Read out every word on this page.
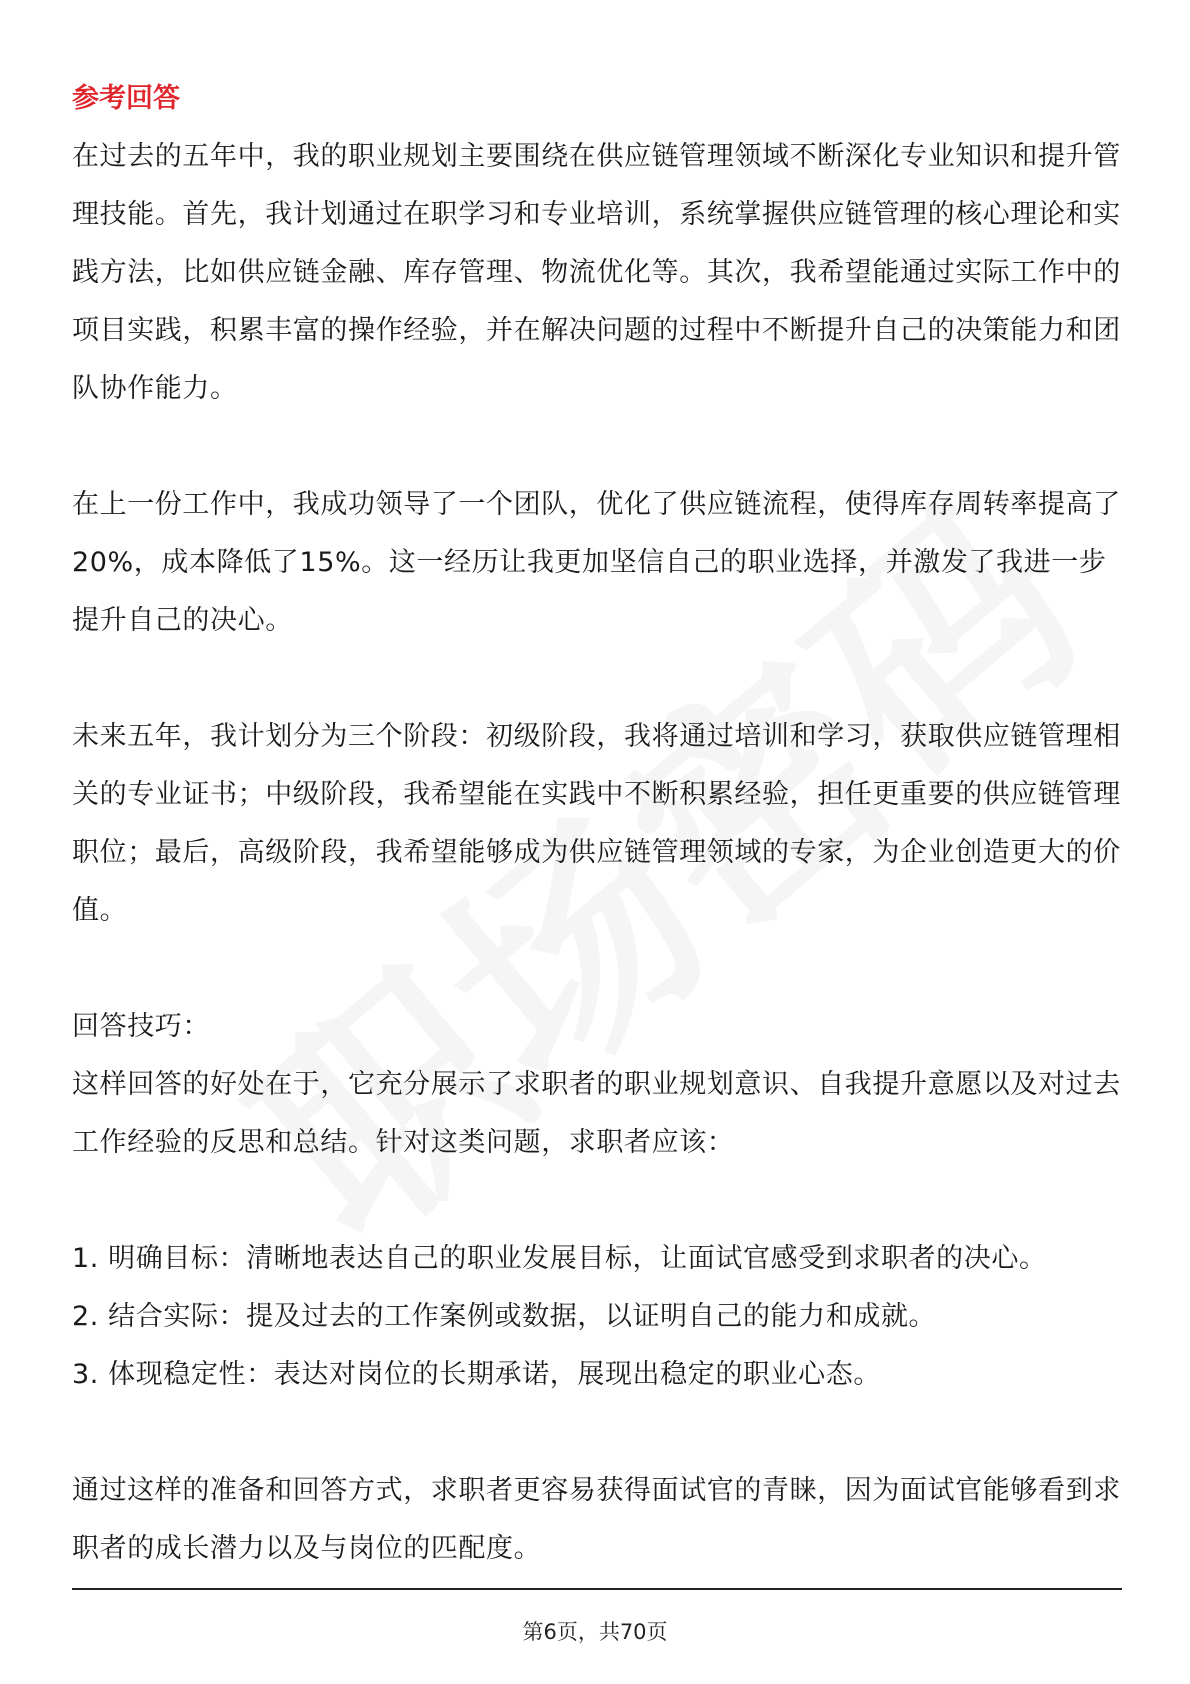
参考回答

在过去的五年中，我的职业规划主要围绕在供应链管理领域不断深化专业知识和提升管理技能。首先，我计划通过在职学习和专业培训，系统掌握供应链管理的核心理论和实践方法，比如供应链金融、库存管理、物流优化等。其次，我希望能通过实际工作中的项目实践，积累丰富的操作经验，并在解决问题的过程中不断提升自己的决策能力和团队协作能力。

在上一份工作中，我成功领导了一个团队，优化了供应链流程，使得库存周转率提高了20%，成本降低了15%。这一经历让我更加坚信自己的职业选择，并激发了我进一步提升自己的决心。

未来五年，我计划分为三个阶段：初级阶段，我将通过培训和学习，获取供应链管理相关的专业证书；中级阶段，我希望能在实践中不断积累经验，担任更重要的供应链管理职位；最后，高级阶段，我希望能够成为供应链管理领域的专家，为企业创造更大的价值。

回答技巧：

这样回答的好处在于，它充分展示了求职者的职业规划意识、自我提升意愿以及对过去工作经验的反思和总结。针对这类问题，求职者应该：

1. 明确目标：清晰地表达自己的职业发展目标，让面试官感受到求职者的决心。
2. 结合实际：提及过去的工作案例或数据，以证明自己的能力和成就。
3. 体现稳定性：表达对岗位的长期承诺，展现出稳定的职业心态。

通过这样的准备和回答方式，求职者更容易获得面试官的青睐，因为面试官能够看到求职者的成长潜力以及与岗位的匹配度。

第6页，共70页
